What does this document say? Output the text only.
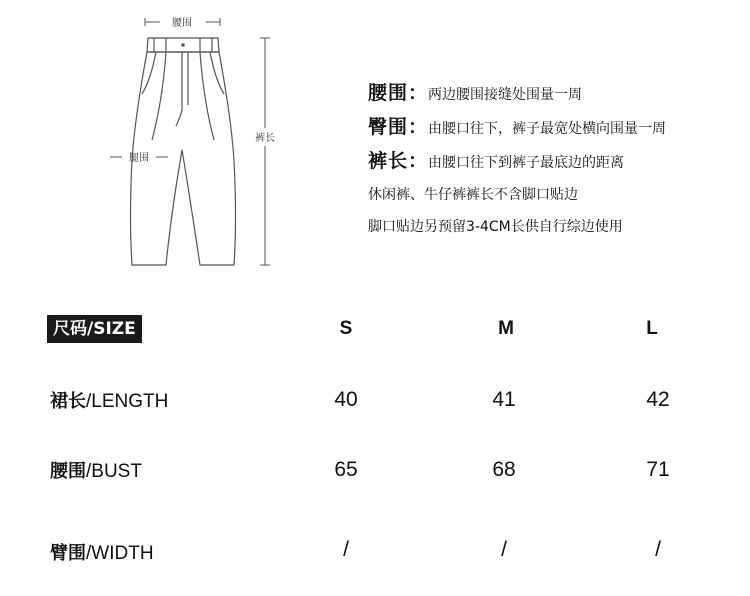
腰围
腿围
裤长
腰围：两边腰围接缝处围量一周
臀围：由腰口往下，裤子最宽处横向围量一周
裤长：由腰口往下到裤子最底边的距离
休闲裤、牛仔裤裤长不含脚口贴边
脚口贴边另预留3-4CM长供自行综边使用
尺码/SIZE	S	M	L
裙长/LENGTH	40	41	42
腰围/BUST	65	68	71
臂围/WIDTH	/	/	/
